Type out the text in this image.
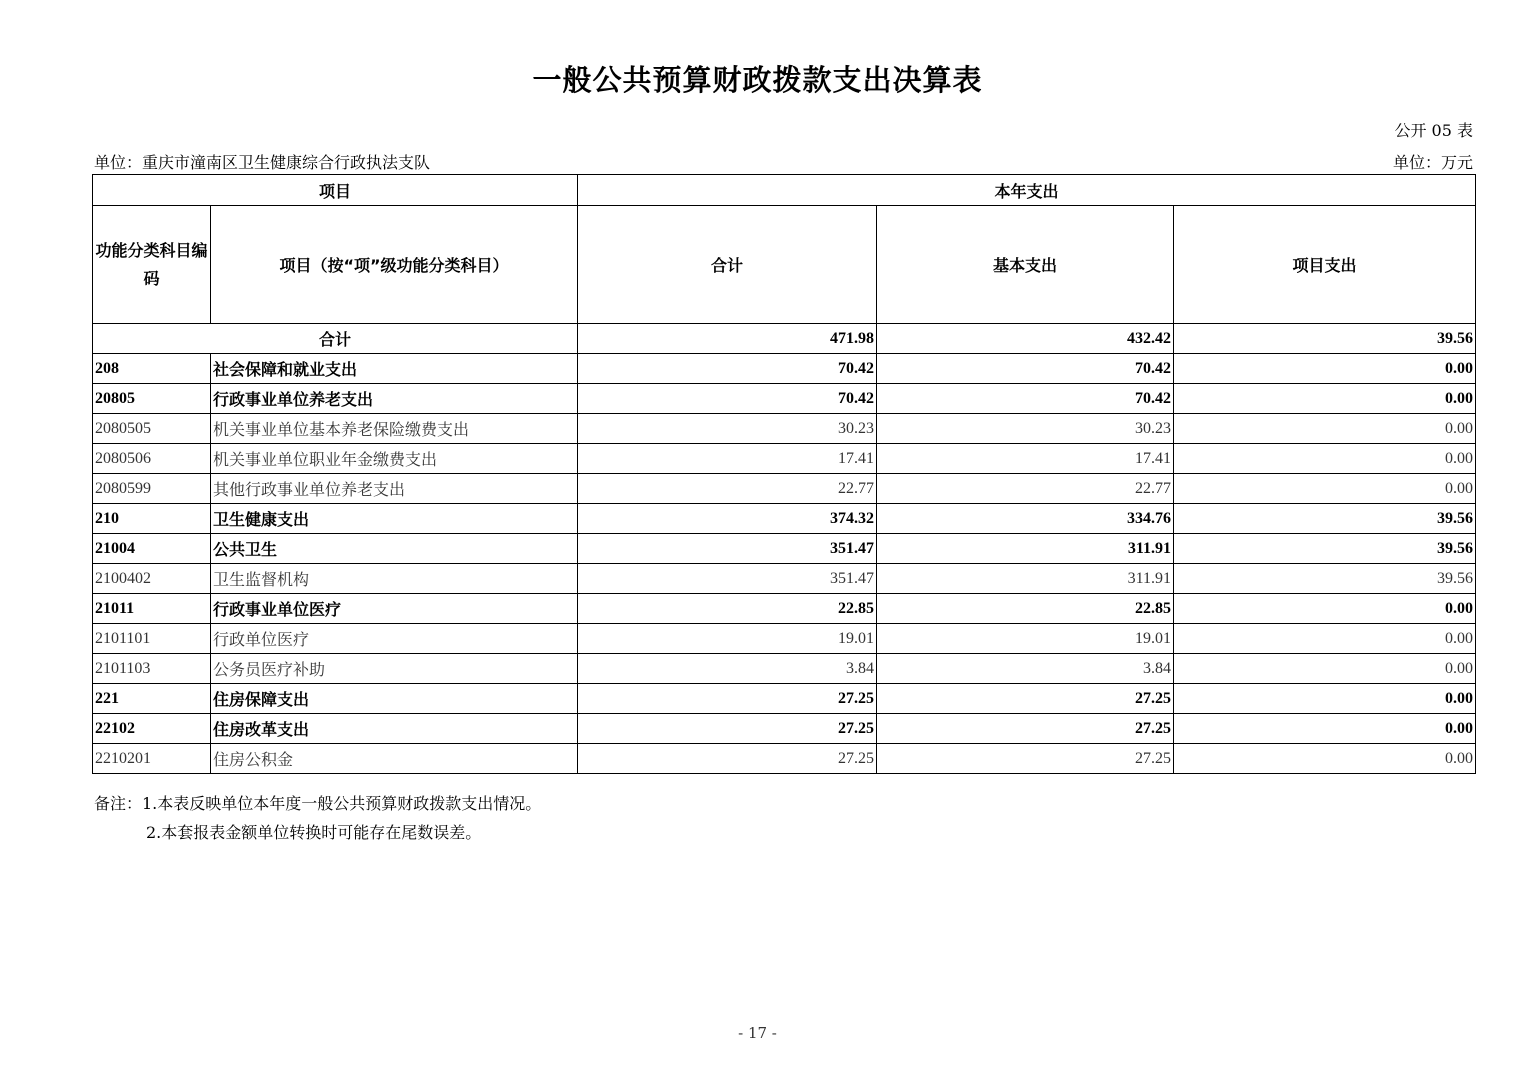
一般公共预算财政拨款支出决算表
公开 05 表
单位：重庆市潼南区卫生健康综合行政执法支队	单位：万元
项目		本年支出		
功能分类科目编码	项目（按“项”级功能分类科目）	合计	基本支出	项目支出
合计		471.98	432.42	39.56
208	社会保障和就业支出	70.42	70.42	0.00
20805	行政事业单位养老支出	70.42	70.42	0.00
2080505	机关事业单位基本养老保险缴费支出	30.23	30.23	0.00
2080506	机关事业单位职业年金缴费支出	17.41	17.41	0.00
2080599	其他行政事业单位养老支出	22.77	22.77	0.00
210	卫生健康支出	374.32	334.76	39.56
21004	公共卫生	351.47	311.91	39.56
2100402	卫生监督机构	351.47	311.91	39.56
21011	行政事业单位医疗	22.85	22.85	0.00
2101101	行政单位医疗	19.01	19.01	0.00
2101103	公务员医疗补助	3.84	3.84	0.00
221	住房保障支出	27.25	27.25	0.00
22102	住房改革支出	27.25	27.25	0.00
2210201	住房公积金	27.25	27.25	0.00
备注：1.本表反映单位本年度一般公共预算财政拨款支出情况。
2.本套报表金额单位转换时可能存在尾数误差。
- 17 -
